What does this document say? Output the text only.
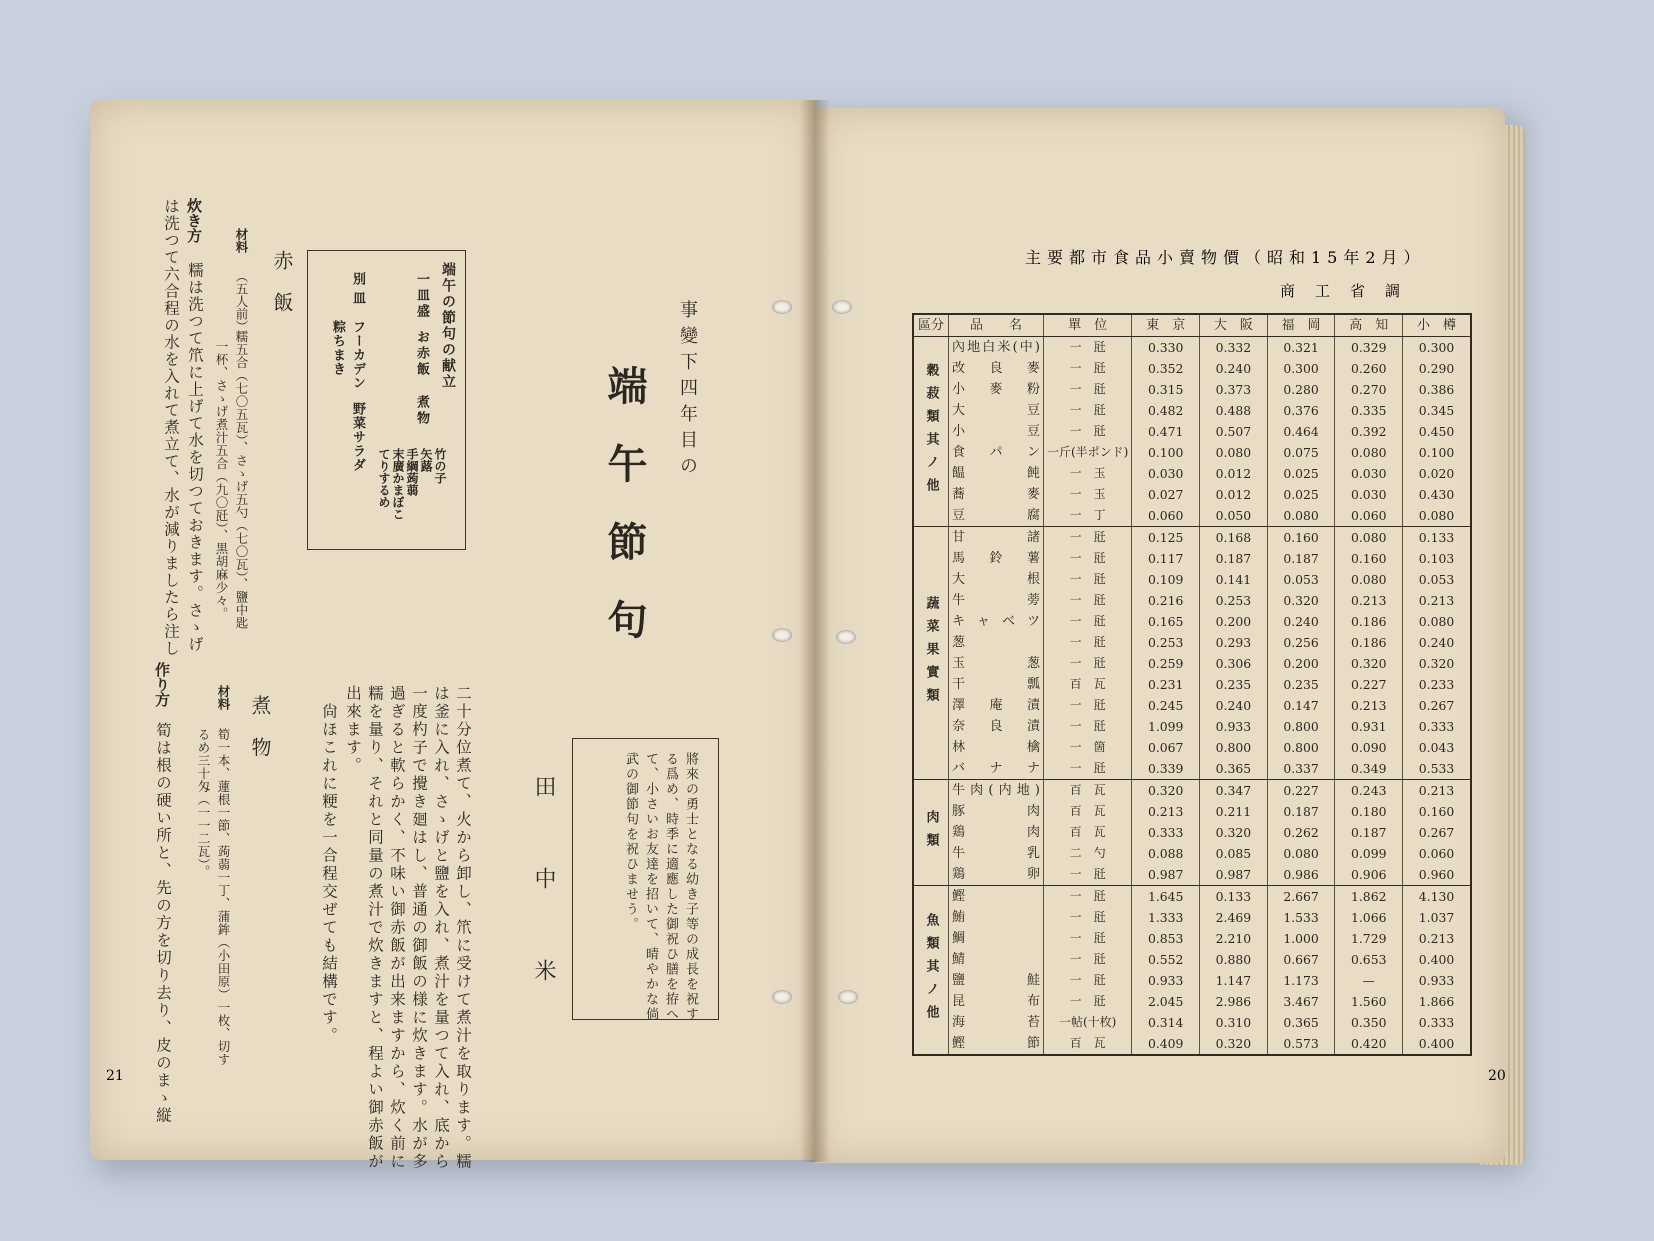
事變下四年目の
端午節句
田中米	將來の勇士となる幼き子等の成長を祝す
る爲め、時季に適應した御祝ひ膳を拵へ
て、小さいお友達を招いて、晴やかな倘
武の御節句を祝ひませう。
二十分位煮て、火から卸し、笊に受けて煮汁を取ります。糯
は釜に入れ、さゝげと鹽を入れ、煮汁を量つて入れ、底から
一度杓子で攪き廻はし、普通の御飯の様に炊きます。水が多
過ぎると軟らかく、不味い御赤飯が出来ますから、炊く前に
糯を量り、それと同量の煮汁で炊きますと、程よい御赤飯が
出來ます。
尙ほこれに粳を一合程交ぜても結構です。
端午の節句の献立
一皿盛
お赤飯
煮物
竹の子
矢蕗
手綱蒟蒻
末廣かまぼこ
てりするめ
別皿
フーカデン
野菜サラダ
粽ちまき
赤飯
煮物
材料
（五人前）
糯五合（七〇五瓦）、さゝげ五勺（七〇瓦）、鹽中匙
一杯、さゝげ煮汁五合（九〇瓩）、黒胡麻少々。
炊き方
糯は洗つて笊に上げて水を切つておきます。さゝげ
は洗つて六合程の水を入れて煮立て、水が減りましたら注し
材料
筍一本、蓮根一節、蒟蒻一丁、蒲鉾（小田原）一枚、切す
るめ三十匁（一一二瓦）。
作り方
筍は根の硬い所と、先の方を切り去り、皮のまゝ縦
21
主要都市食品小賣物價（昭和15年2月）
商工省調
區分	品　　名	單　位	東　京	大　阪	福　岡	高　知	小　樽
穀菽類其ノ他	內地白米(中)	一　瓩	0.330	0.332	0.321	0.329	0.300
	改良麥	一　瓩	0.352	0.240	0.300	0.260	0.290
	小麥粉	一　瓩	0.315	0.373	0.280	0.270	0.386
	大豆	一　瓩	0.482	0.488	0.376	0.335	0.345
	小豆	一　瓩	0.471	0.507	0.464	0.392	0.450
	食パン	一斤(半ポンド)	0.100	0.080	0.075	0.080	0.100
	饂飩	一　玉	0.030	0.012	0.025	0.030	0.020
	蕎麥	一　玉	0.027	0.012	0.025	0.030	0.430
	豆腐	一　丁	0.060	0.050	0.080	0.060	0.080
蔬菜果實類	甘諸	一　瓩	0.125	0.168	0.160	0.080	0.133
	馬鈴薯	一　瓩	0.117	0.187	0.187	0.160	0.103
	大根	一　瓩	0.109	0.141	0.053	0.080	0.053
	牛蒡	一　瓩	0.216	0.253	0.320	0.213	0.213
	キャベツ	一　瓩	0.165	0.200	0.240	0.186	0.080
	葱	一　瓩	0.253	0.293	0.256	0.186	0.240
	玉葱	一　瓩	0.259	0.306	0.200	0.320	0.320
	干瓢	百　瓦	0.231	0.235	0.235	0.227	0.233
	澤庵漬	一　瓩	0.245	0.240	0.147	0.213	0.267
	奈良漬	一　瓩	1.099	0.933	0.800	0.931	0.333
	林檎	一　箇	0.067	0.800	0.800	0.090	0.043
	バナナ	一　瓩	0.339	0.365	0.337	0.349	0.533
肉類	牛肉(内地)	百　瓦	0.320	0.347	0.227	0.243	0.213
	豚肉	百　瓦	0.213	0.211	0.187	0.180	0.160
	鶏肉	百　瓦	0.333	0.320	0.262	0.187	0.267
	牛乳	二　勺	0.088	0.085	0.080	0.099	0.060
	鶏卵	一　瓩	0.987	0.987	0.986	0.906	0.960
魚類其ノ他	鰹	一　瓩	1.645	0.133	2.667	1.862	4.130
	鮪	一　瓩	1.333	2.469	1.533	1.066	1.037
	鯛	一　瓩	0.853	2.210	1.000	1.729	0.213
	鯖	一　瓩	0.552	0.880	0.667	0.653	0.400
	鹽鮭	一　瓩	0.933	1.147	1.173	—	0.933
	昆布	一　瓩	2.045	2.986	3.467	1.560	1.866
	海苔	一帖(十枚)	0.314	0.310	0.365	0.350	0.333
	鰹節	百　瓦	0.409	0.320	0.573	0.420	0.400
20
